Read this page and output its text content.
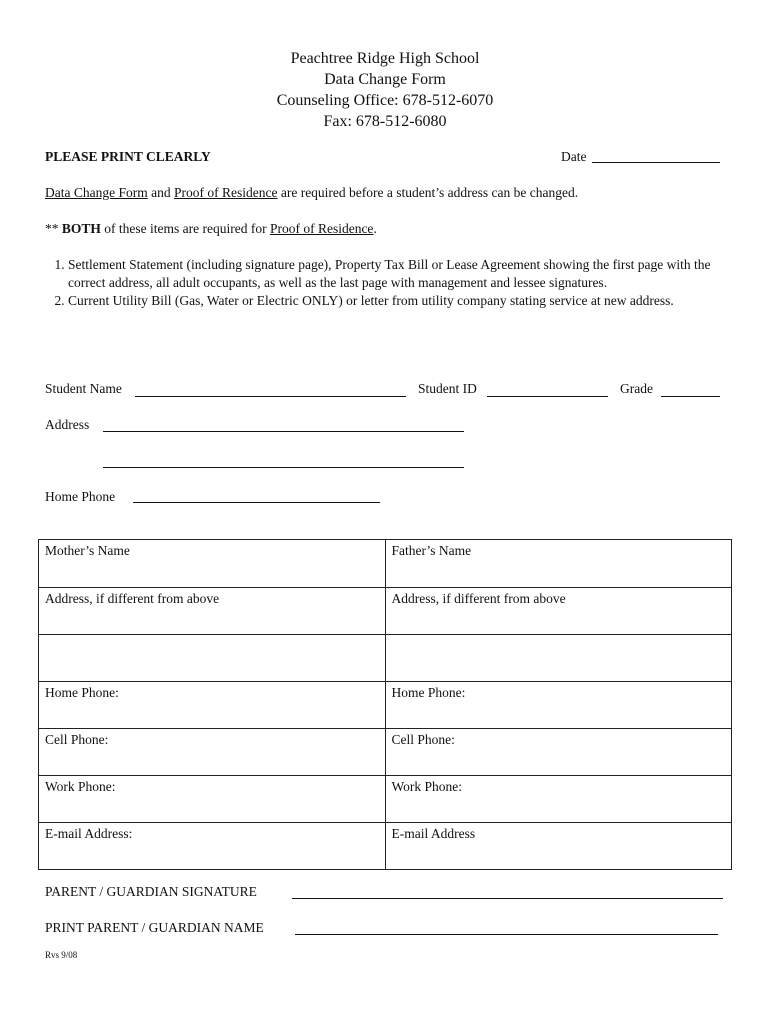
Peachtree Ridge High School
Data Change Form
Counseling Office: 678-512-6070
Fax: 678-512-6080
PLEASE PRINT CLEARLY	Date
Data Change Form and Proof of Residence are required before a student’s address can be changed.
** BOTH of these items are required for Proof of Residence.
1. Settlement Statement (including signature page), Property Tax Bill or Lease Agreement showing the first page with the correct address, all adult occupants, as well as the last page with management and lessee signatures.
2. Current Utility Bill (Gas, Water or Electric ONLY) or letter from utility company stating service at new address.
Student Name	Student ID	Grade
Address
Home Phone
Mother’s Name	Father’s Name
Address, if different from above	Address, if different from above

Home Phone:	Home Phone:
Cell Phone:	Cell Phone:
Work Phone:	Work Phone:
E-mail Address:	E-mail Address
PARENT / GUARDIAN SIGNATURE
PRINT PARENT / GUARDIAN NAME
Rvs 9/08
